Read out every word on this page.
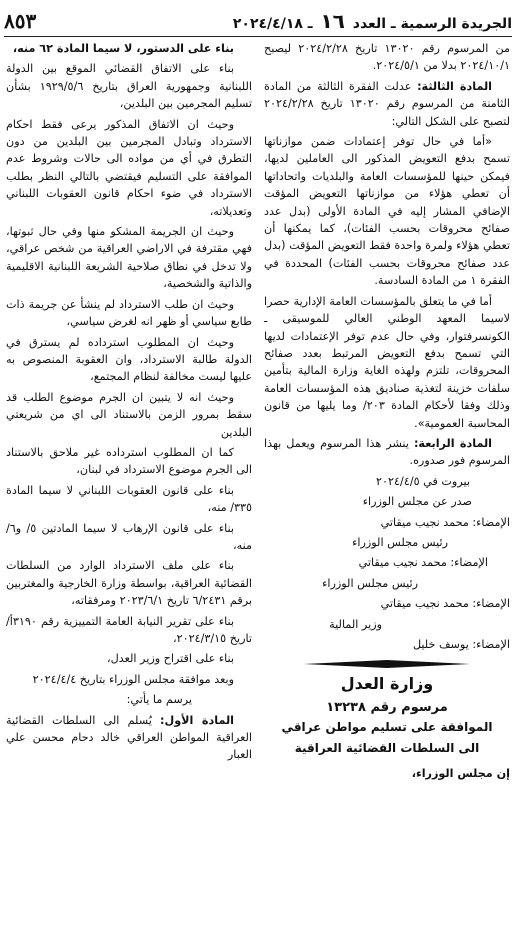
٨٥٣	الجريدة الرسمية ـ العدد ١٦ ـ ٢٠٢٤/٤/١٨

من المرسوم رقم ١٣٠٢٠ تاريخ ٢٠٢٤/٢/٢٨ ليصبح ٢٠٢٤/١٠/١ بدلا من ٢٠٢٤/٥/١.

المادة الثالثة: عدلت الفقرة الثالثة من المادة الثامنة من المرسوم رقم ١٣٠٢٠ تاريخ ٢٠٢٤/٢/٢٨ لتصبح على الشكل التالي:

«أما في حال توفر إعتمادات ضمن موازناتها تسمح بدفع التعويض المذكور الى العاملين لديها، فيمكن حينها للمؤسسات العامة والبلديات واتحاداتها أن تعطي هؤلاء من موازناتها التعويض المؤقت الإضافي المشار إليه في المادة الأولى (بدل عدد صفائح محروقات بحسب الفئات)، كما يمكنها أن تعطي هؤلاء ولمرة واحدة فقط التعويض المؤقت (بدل عدد صفائح محروقات بحسب الفئات) المحددة في الفقرة ١ من المادة السادسة.

أما في ما يتعلق بالمؤسسات العامة الإدارية حصرا لاسيما المعهد الوطني العالي للموسيقى ـ الكونسرفتوار، وفي حال عدم توفر الإعتمادات لديها التي تسمح بدفع التعويض المرتبط بعدد صفائح المحروقات، تلتزم ولهذه الغاية وزارة المالية بتأمين سلفات خزينة لتغذية صناديق هذه المؤسسات العامة وذلك وفقا لأحكام المادة ٢٠٣/ وما يليها من قانون المحاسبة العمومية».

المادة الرابعة: ينشر هذا المرسوم ويعمل بهذا المرسوم فور صدوره.

بيروت في ٢٠٢٤/٤/٥

صدر عن مجلس الوزراء

الإمضاء: محمد نجيب ميقاتي

رئيس مجلس الوزراء

الإمضاء: محمد نجيب ميقاتي

رئيس مجلس الوزراء

الإمضاء: محمد نجيب ميقاتي

وزير المالية

الإمضاء: يوسف خليل

وزارة العدل
مرسوم رقم ١٣٢٣٨

الموافقة على تسليم مواطن عراقي

الى السلطات القضائية العراقية

إن مجلس الوزراء،

بناء على الدستور، لا سيما المادة ٦٢ منه،

بناء على الاتفاق القضائي الموقع بين الدولة اللبنانية وجمهورية العراق بتاريخ ١٩٢٩/٥/٦ بشأن تسليم المجرمين بين البلدين،

وحيث ان الاتفاق المذكور يرعى فقط احكام الاسترداد وتبادل المجرمين بين البلدين من دون التطرق في أي من مواده الى حالات وشروط عدم الموافقة على التسليم فيقتضي بالتالي النظر بطلب الاسترداد في ضوء احكام قانون العقوبات اللبناني وتعديلاته،

وحيث ان الجريمة المشكو منها وفي حال ثبوتها، فهي مقترفة في الاراضي العراقية من شخص عراقي، ولا تدخل في نطاق صلاحية الشريعة اللبنانية الاقليمية والذاتية والشخصية،

وحيث ان طلب الاسترداد لم ينشأ عن جريمة ذات طابع سياسي أو ظهر انه لغرض سياسي،

وحيث ان المطلوب استرداده لم يسترق في الدولة طالبة الاسترداد، وان العقوبة المنصوص به عليها ليست مخالفة لنظام المجتمع،

وحيث انه لا يتبين ان الجرم موضوع الطلب قد سقط بمرور الزمن بالاستناد الى اي من شريعتي البلدين

كما ان المطلوب استرداده غير ملاحق بالاستناد الى الجرم موضوع الاسترداد في لبنان،

بناء على قانون العقوبات اللبناني لا سيما المادة ٣٣٥/ منه،

بناء على قانون الإرهاب لا سيما المادتين ٥/ و٦/ منه،

بناء على ملف الاسترداد الوارد من السلطات القضائية العراقية، بواسطة وزارة الخارجية والمغتربين برقم ٦/٢٤٣١ تاريخ ٢٠٢٣/٦/١ ومرفقاته،

بناء على تقرير النيابة العامة التمييزية رقم ٣١٩٠أ/ تاريخ ٢٠٢٤/٣/١٥،

بناء على اقتراح وزير العدل،

وبعد موافقة مجلس الوزراء بتاريخ ٢٠٢٤/٤/٤

يرسم ما يأتي:

المادة الأول: يُسلم الى السلطات القضائية العراقية المواطن العراقي خالد دحام محسن علي العبار
